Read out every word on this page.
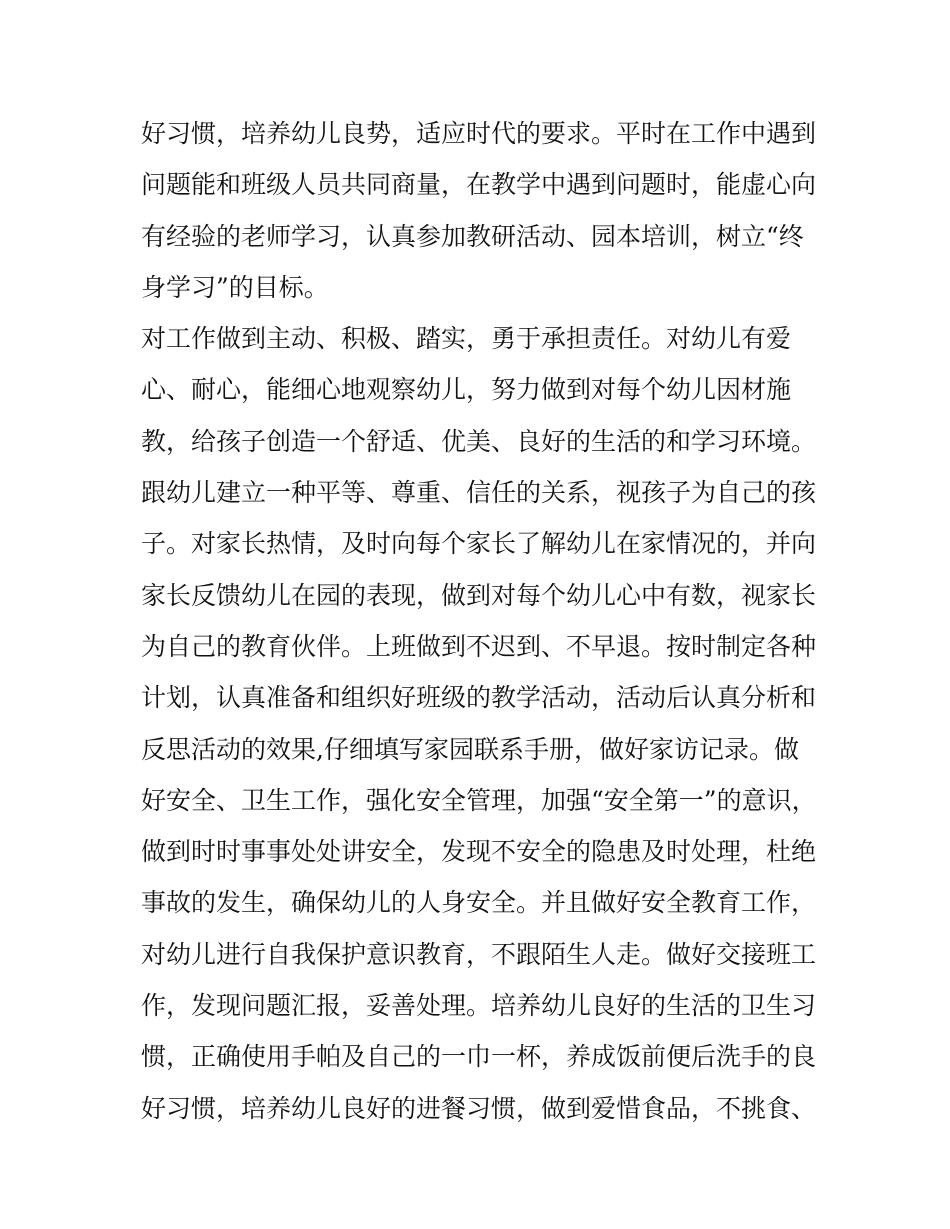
好习惯，培养幼儿良势，适应时代的要求。平时在工作中遇到
问题能和班级人员共同商量，在教学中遇到问题时，能虚心向
有经验的老师学习，认真参加教研活动、园本培训，树立“终
身学习”的目标。
对工作做到主动、积极、踏实，勇于承担责任。对幼儿有爱
心、耐心，能细心地观察幼儿，努力做到对每个幼儿因材施
教，给孩子创造一个舒适、优美、良好的生活的和学习环境。
跟幼儿建立一种平等、尊重、信任的关系，视孩子为自己的孩
子。对家长热情，及时向每个家长了解幼儿在家情况的，并向
家长反馈幼儿在园的表现，做到对每个幼儿心中有数，视家长
为自己的教育伙伴。上班做到不迟到、不早退。按时制定各种
计划，认真准备和组织好班级的教学活动，活动后认真分析和
反思活动的效果,仔细填写家园联系手册，做好家访记录。做
好安全、卫生工作，强化安全管理，加强“安全第一”的意识，
做到时时事事处处讲安全，发现不安全的隐患及时处理，杜绝
事故的发生，确保幼儿的人身安全。并且做好安全教育工作，
对幼儿进行自我保护意识教育，不跟陌生人走。做好交接班工
作，发现问题汇报，妥善处理。培养幼儿良好的生活的卫生习
惯，正确使用手帕及自己的一巾一杯，养成饭前便后洗手的良
好习惯，培养幼儿良好的进餐习惯，做到爱惜食品，不挑食、
